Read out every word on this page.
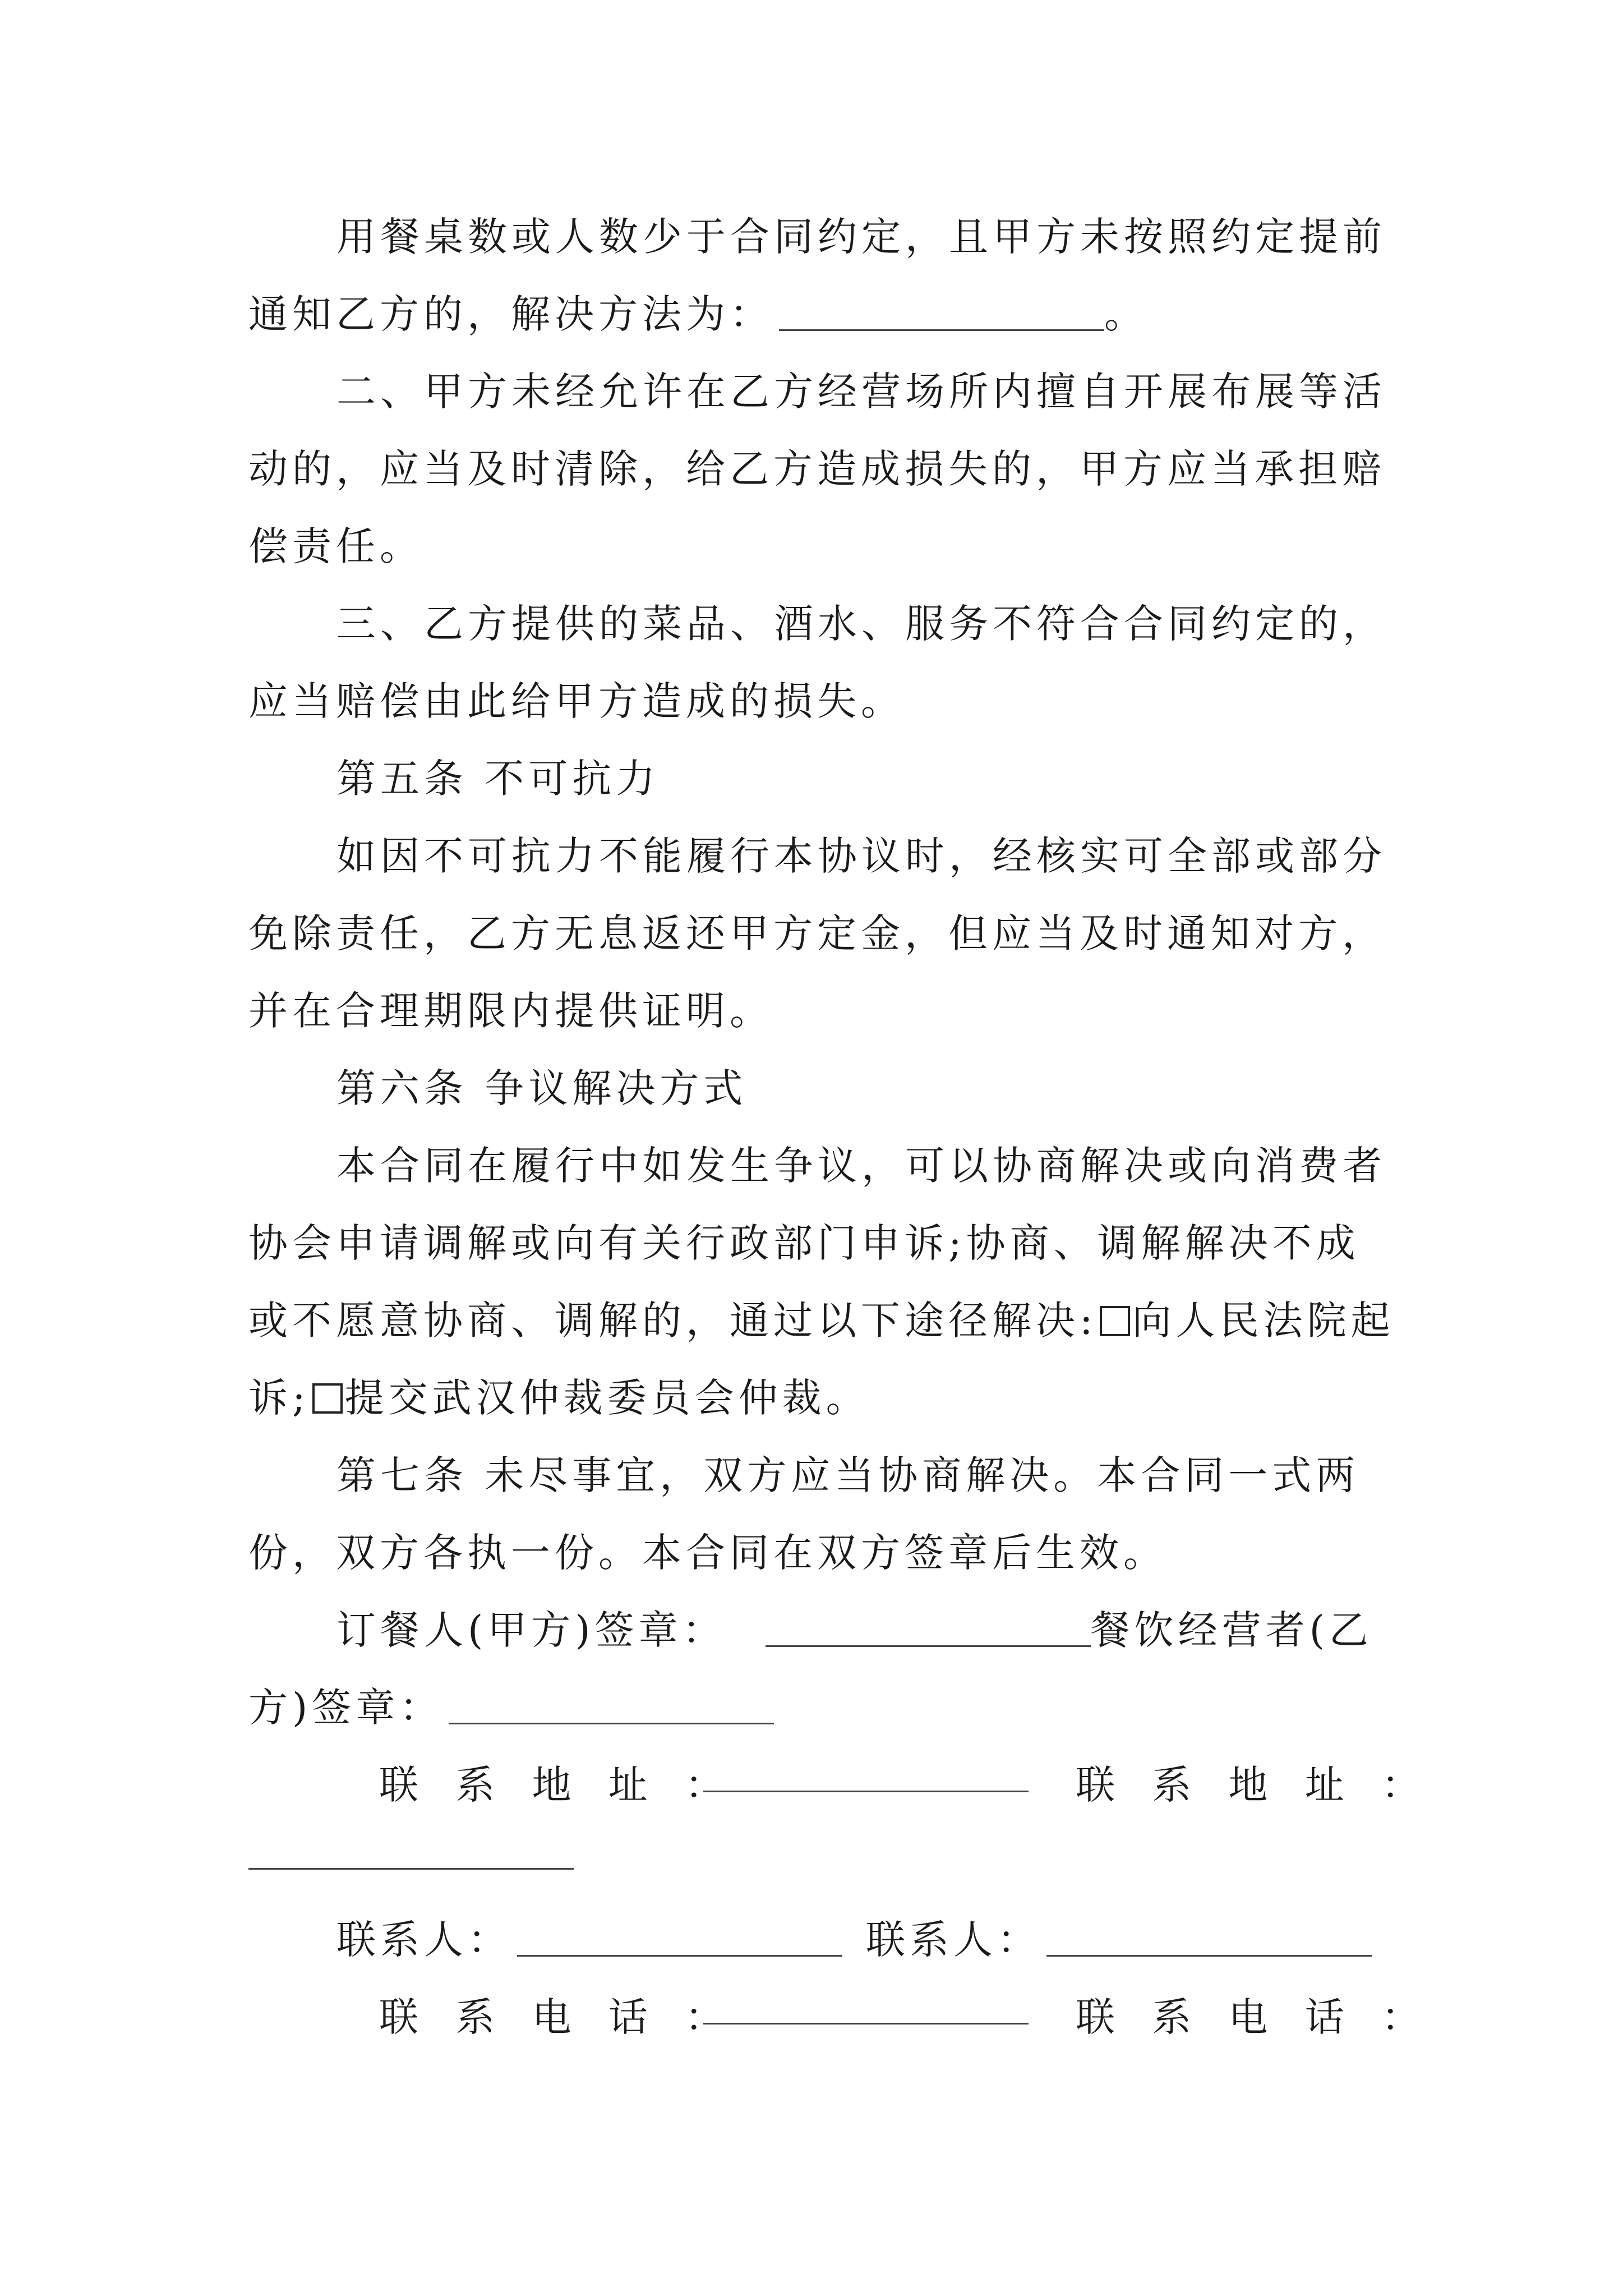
用餐桌数或人数少于合同约定，且甲方未按照约定提前
通知乙方的，解决方法为：	。
二、甲方未经允许在乙方经营场所内擅自开展布展等活
动的，应当及时清除，给乙方造成损失的，甲方应当承担赔
偿责任。
三、乙方提供的菜品、酒水、服务不符合合同约定的，
应当赔偿由此给甲方造成的损失。
第五条 不可抗力
如因不可抗力不能履行本协议时，经核实可全部或部分
免除责任，乙方无息返还甲方定金，但应当及时通知对方，
并在合理期限内提供证明。
第六条 争议解决方式
本合同在履行中如发生争议，可以协商解决或向消费者
协会申请调解或向有关行政部门申诉;协商、调解解决不成
或不愿意协商、调解的，通过以下途径解决: 向人民法院起
诉; 提交武汉仲裁委员会仲裁。
第七条 未尽事宜，双方应当协商解决。本合同一式两
份，双方各执一份。本合同在双方签章后生效。
订餐人(甲方)签章：	餐饮经营者(乙
方)签章：
联 系 地 址 ：	联 系 地 址 ：
联系人：	联系人：
联 系 电 话 ：	联 系 电 话 ：
